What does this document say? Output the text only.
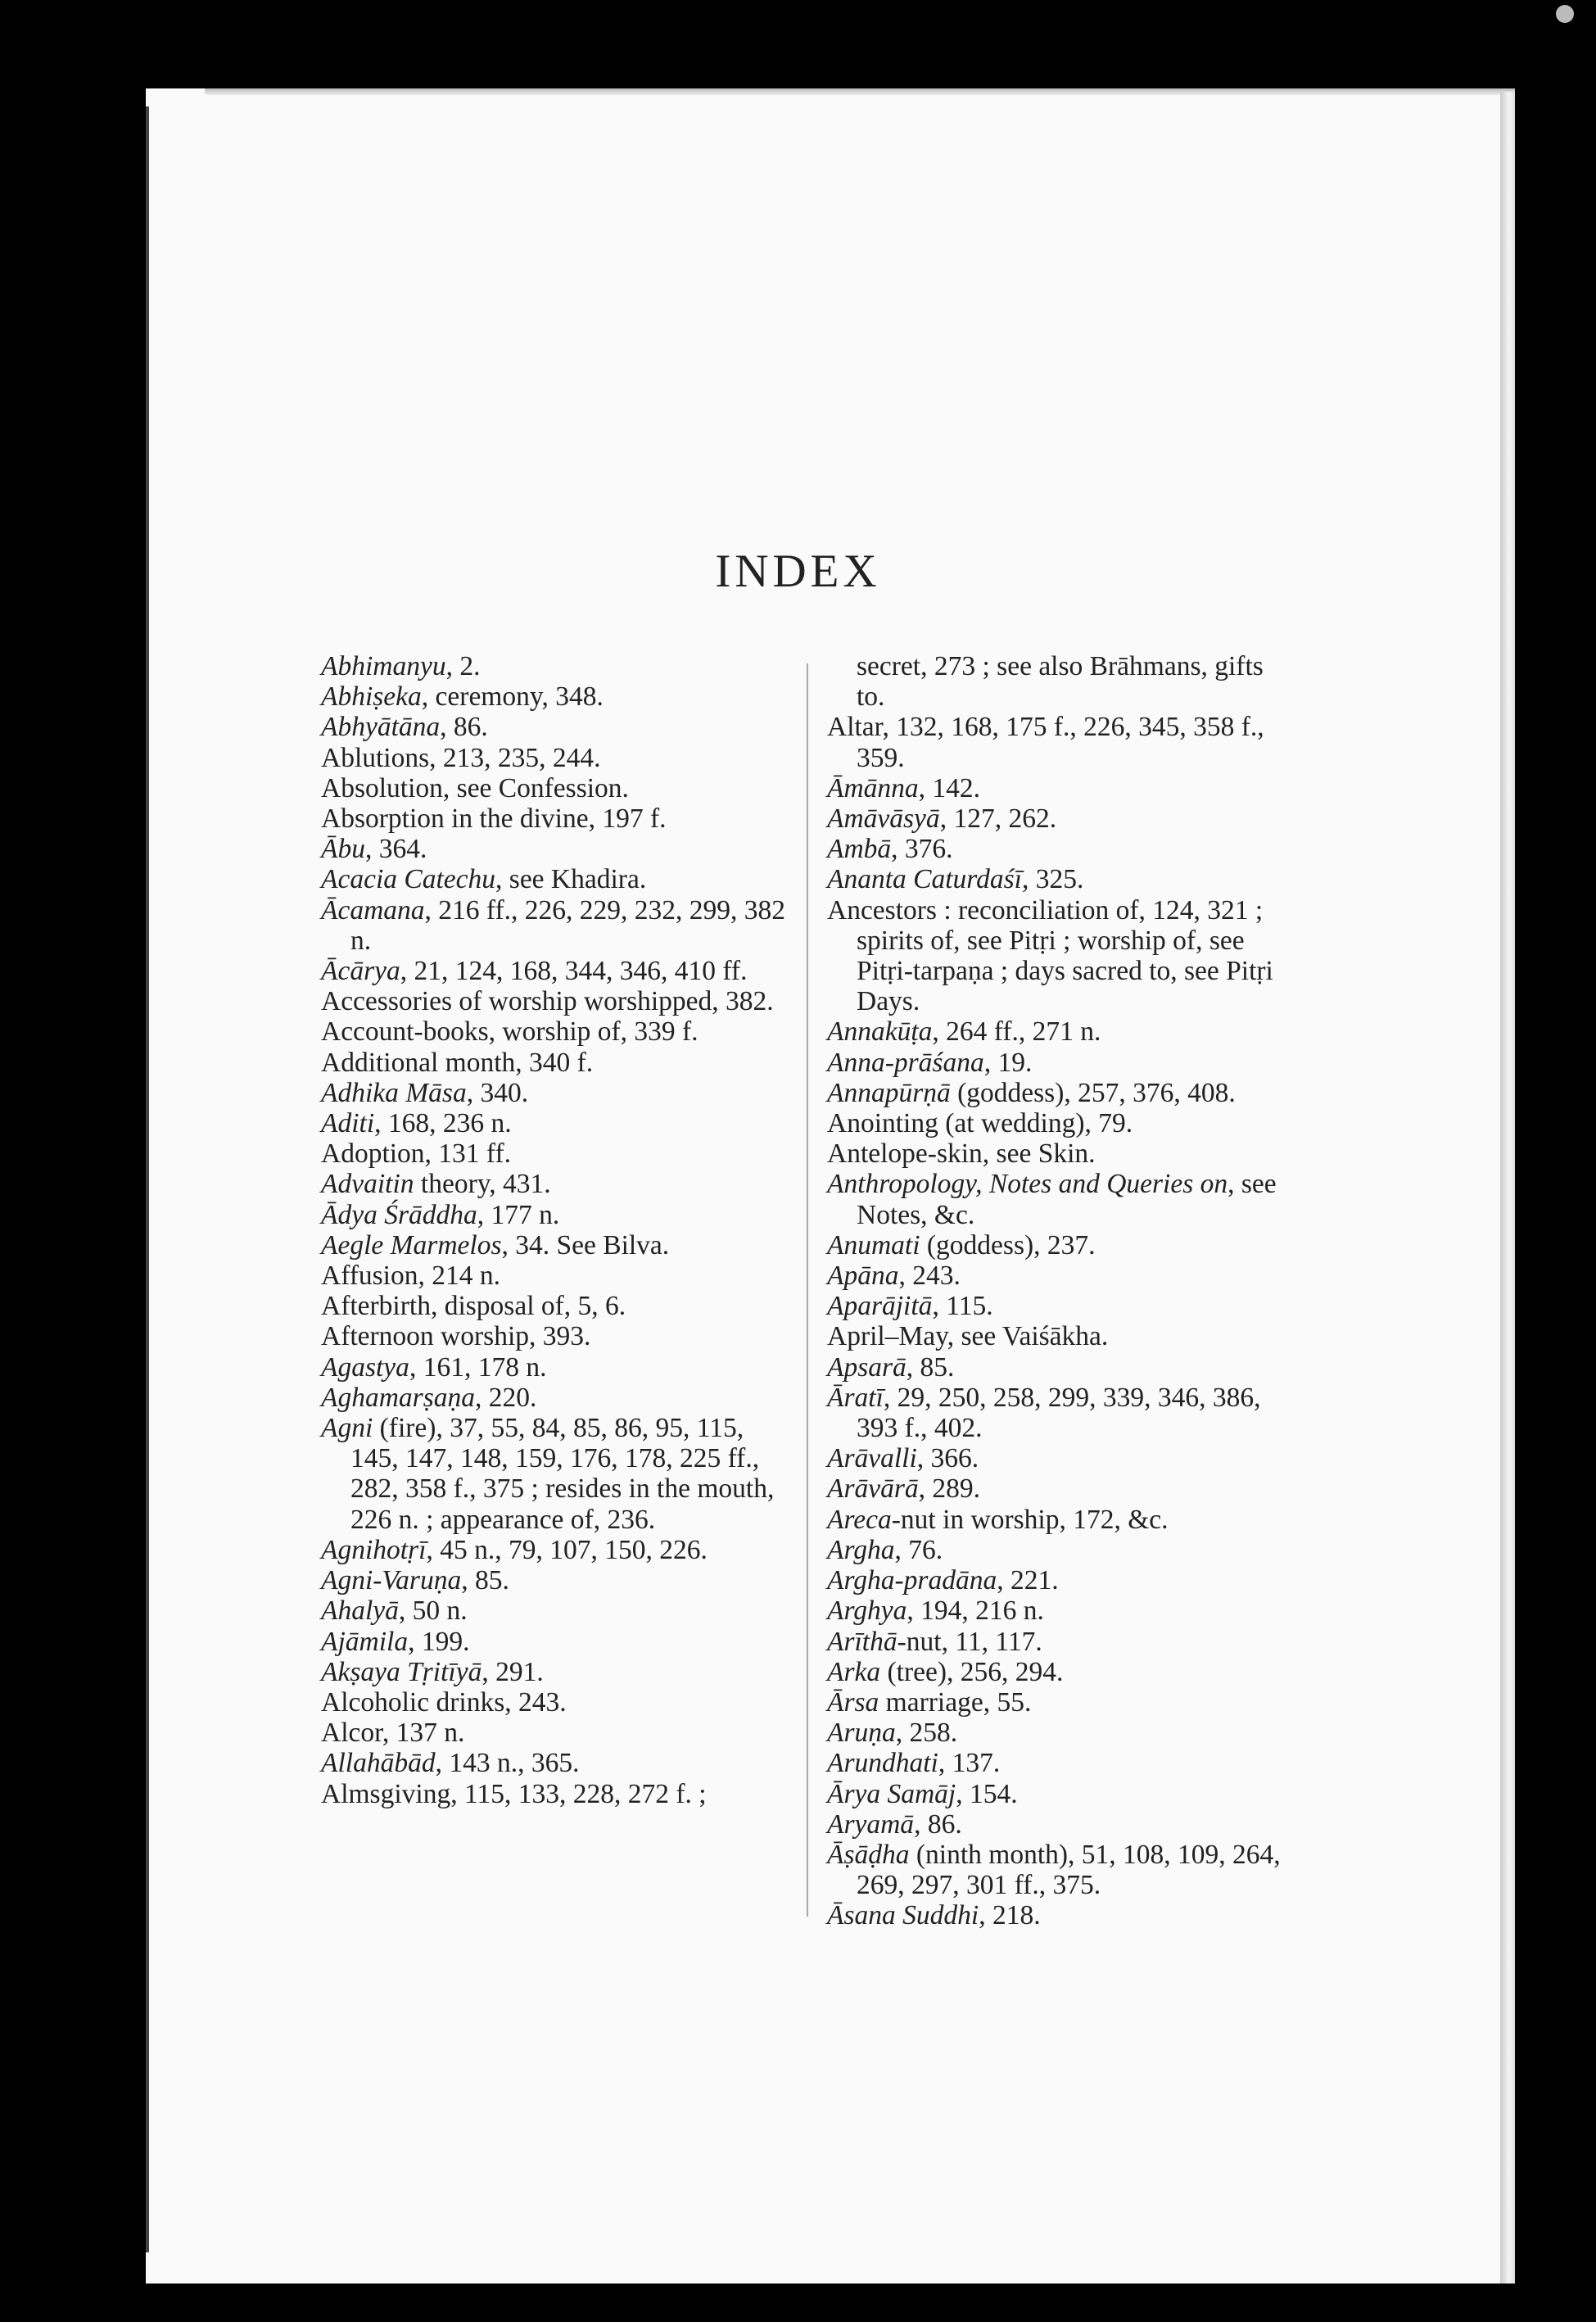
INDEX

Abhimanyu, 2.

Abhiṣeka, ceremony, 348.

Abhyātāna, 86.

Ablutions, 213, 235, 244.

Absolution, see Confession.

Absorption in the divine, 197 f.

Ābu, 364.

Acacia Catechu, see Khadira.

Ācamana, 216 ff., 226, 229, 232, 299, 382 n.

Ācārya, 21, 124, 168, 344, 346, 410 ff.

Accessories of worship worshipped, 382.

Account-books, worship of, 339 f.

Additional month, 340 f.

Adhika Māsa, 340.

Aditi, 168, 236 n.

Adoption, 131 ff.

Advaitin theory, 431.

Ādya Śrāddha, 177 n.

Aegle Marmelos, 34. See Bilva.

Affusion, 214 n.

Afterbirth, disposal of, 5, 6.

Afternoon worship, 393.

Agastya, 161, 178 n.

Aghamarṣaṇa, 220.

Agni (fire), 37, 55, 84, 85, 86, 95, 115, 145, 147, 148, 159, 176, 178, 225 ff., 282, 358 f., 375 ; resides in the mouth, 226 n. ; appearance of, 236.

Agnihotṛī, 45 n., 79, 107, 150, 226.

Agni-Varuṇa, 85.

Ahalyā, 50 n.

Ajāmila, 199.

Akṣaya Tṛitīyā, 291.

Alcoholic drinks, 243.

Alcor, 137 n.

Allahābād, 143 n., 365.

Almsgiving, 115, 133, 228, 272 f. ;

secret, 273 ; see also Brāhmans, gifts to.

Altar, 132, 168, 175 f., 226, 345, 358 f., 359.

Āmānna, 142.

Amāvāsyā, 127, 262.

Ambā, 376.

Ananta Caturdaśī, 325.

Ancestors : reconciliation of, 124, 321 ; spirits of, see Pitṛi ; worship of, see Pitṛi-tarpaṇa ; days sacred to, see Pitṛi Days.

Annakūṭa, 264 ff., 271 n.

Anna-prāśana, 19.

Annapūrṇā (goddess), 257, 376, 408.

Anointing (at wedding), 79.

Antelope-skin, see Skin.

Anthropology, Notes and Queries on, see Notes, &c.

Anumati (goddess), 237.

Apāna, 243.

Aparājitā, 115.

April–May, see Vaiśākha.

Apsarā, 85.

Āratī, 29, 250, 258, 299, 339, 346, 386, 393 f., 402.

Arāvalli, 366.

Arāvārā, 289.

Areca-nut in worship, 172, &c.

Argha, 76.

Argha-pradāna, 221.

Arghya, 194, 216 n.

Arīthā-nut, 11, 117.

Arka (tree), 256, 294.

Ārsa marriage, 55.

Aruṇa, 258.

Arundhati, 137.

Ārya Samāj, 154.

Aryamā, 86.

Āṣāḍha (ninth month), 51, 108, 109, 264, 269, 297, 301 ff., 375.

Āsana Suddhi, 218.
